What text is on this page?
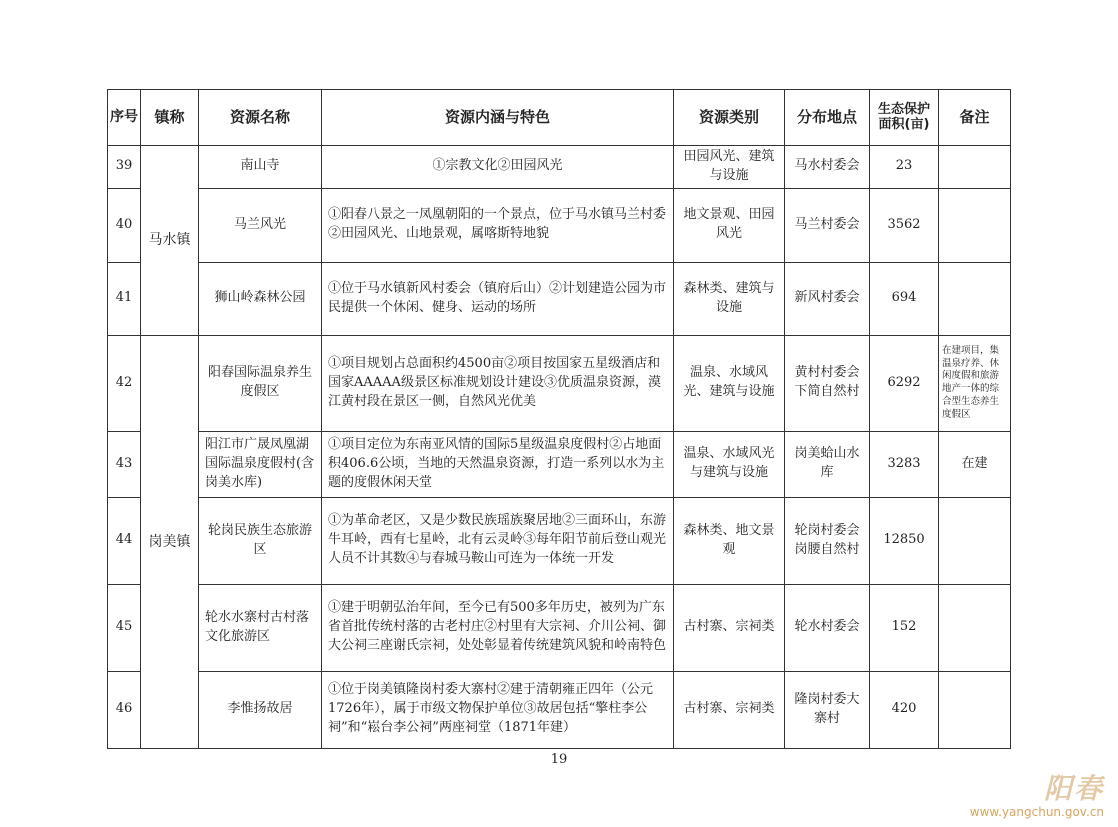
序号	镇称	资源名称	资源内涵与特色	资源类别	分布地点	生态保护面积(亩)	备注
39	马水镇	南山寺	①宗教文化②田园风光	田园风光、建筑与设施	马水村委会	23	
40		马兰风光	①阳春八景之一凤凰朝阳的一个景点，位于马水镇马兰村委②田园风光、山地景观，属喀斯特地貌	地文景观、田园风光	马兰村委会	3562	
41		狮山岭森林公园	①位于马水镇新风村委会（镇府后山）②计划建造公园为市民提供一个休闲、健身、运动的场所	森林类、建筑与设施	新风村委会	694	
42	岗美镇	阳春国际温泉养生度假区	①项目规划占总面积约4500亩②项目按国家五星级酒店和国家AAAAA级景区标准规划设计建设③优质温泉资源，漠江黄村段在景区一侧，自然风光优美	温泉、水域风光、建筑与设施	黄村村委会下简自然村	6292	在建项目，集温泉疗养、休闲度假和旅游地产一体的综合型生态养生度假区
43		阳江市广晟凤凰湖国际温泉度假村(含岗美水库)	①项目定位为东南亚风情的国际5星级温泉度假村②占地面积406.6公顷，当地的天然温泉资源，打造一系列以水为主题的度假休闲天堂	温泉、水域风光与建筑与设施	岗美蛤山水库	3283	在建
44		轮岗民族生态旅游区	①为革命老区，又是少数民族瑶族聚居地②三面环山，东游牛耳岭，西有七星岭，北有云灵岭③每年阳节前后登山观光人员不计其数④与春城马鞍山可连为一体统一开发	森林类、地文景观	轮岗村委会岗腰自然村	12850	
45		轮水水寨村古村落文化旅游区	①建于明朝弘治年间，至今已有500多年历史，被列为广东省首批传统村落的古老村庄②村里有大宗祠、介川公祠、御大公祠三座谢氏宗祠，处处彰显着传统建筑风貌和岭南特色	古村寨、宗祠类	轮水村委会	152	
46		李惟扬故居	①位于岗美镇隆岗村委大寨村②建于清朝雍正四年（公元1726年），属于市级文物保护单位③故居包括“擎柱李公祠”和“崧台李公祠”两座祠堂（1871年建）	古村寨、宗祠类	隆岗村委大寨村	420	
19
阳春
www.yangchun.gov.cn
